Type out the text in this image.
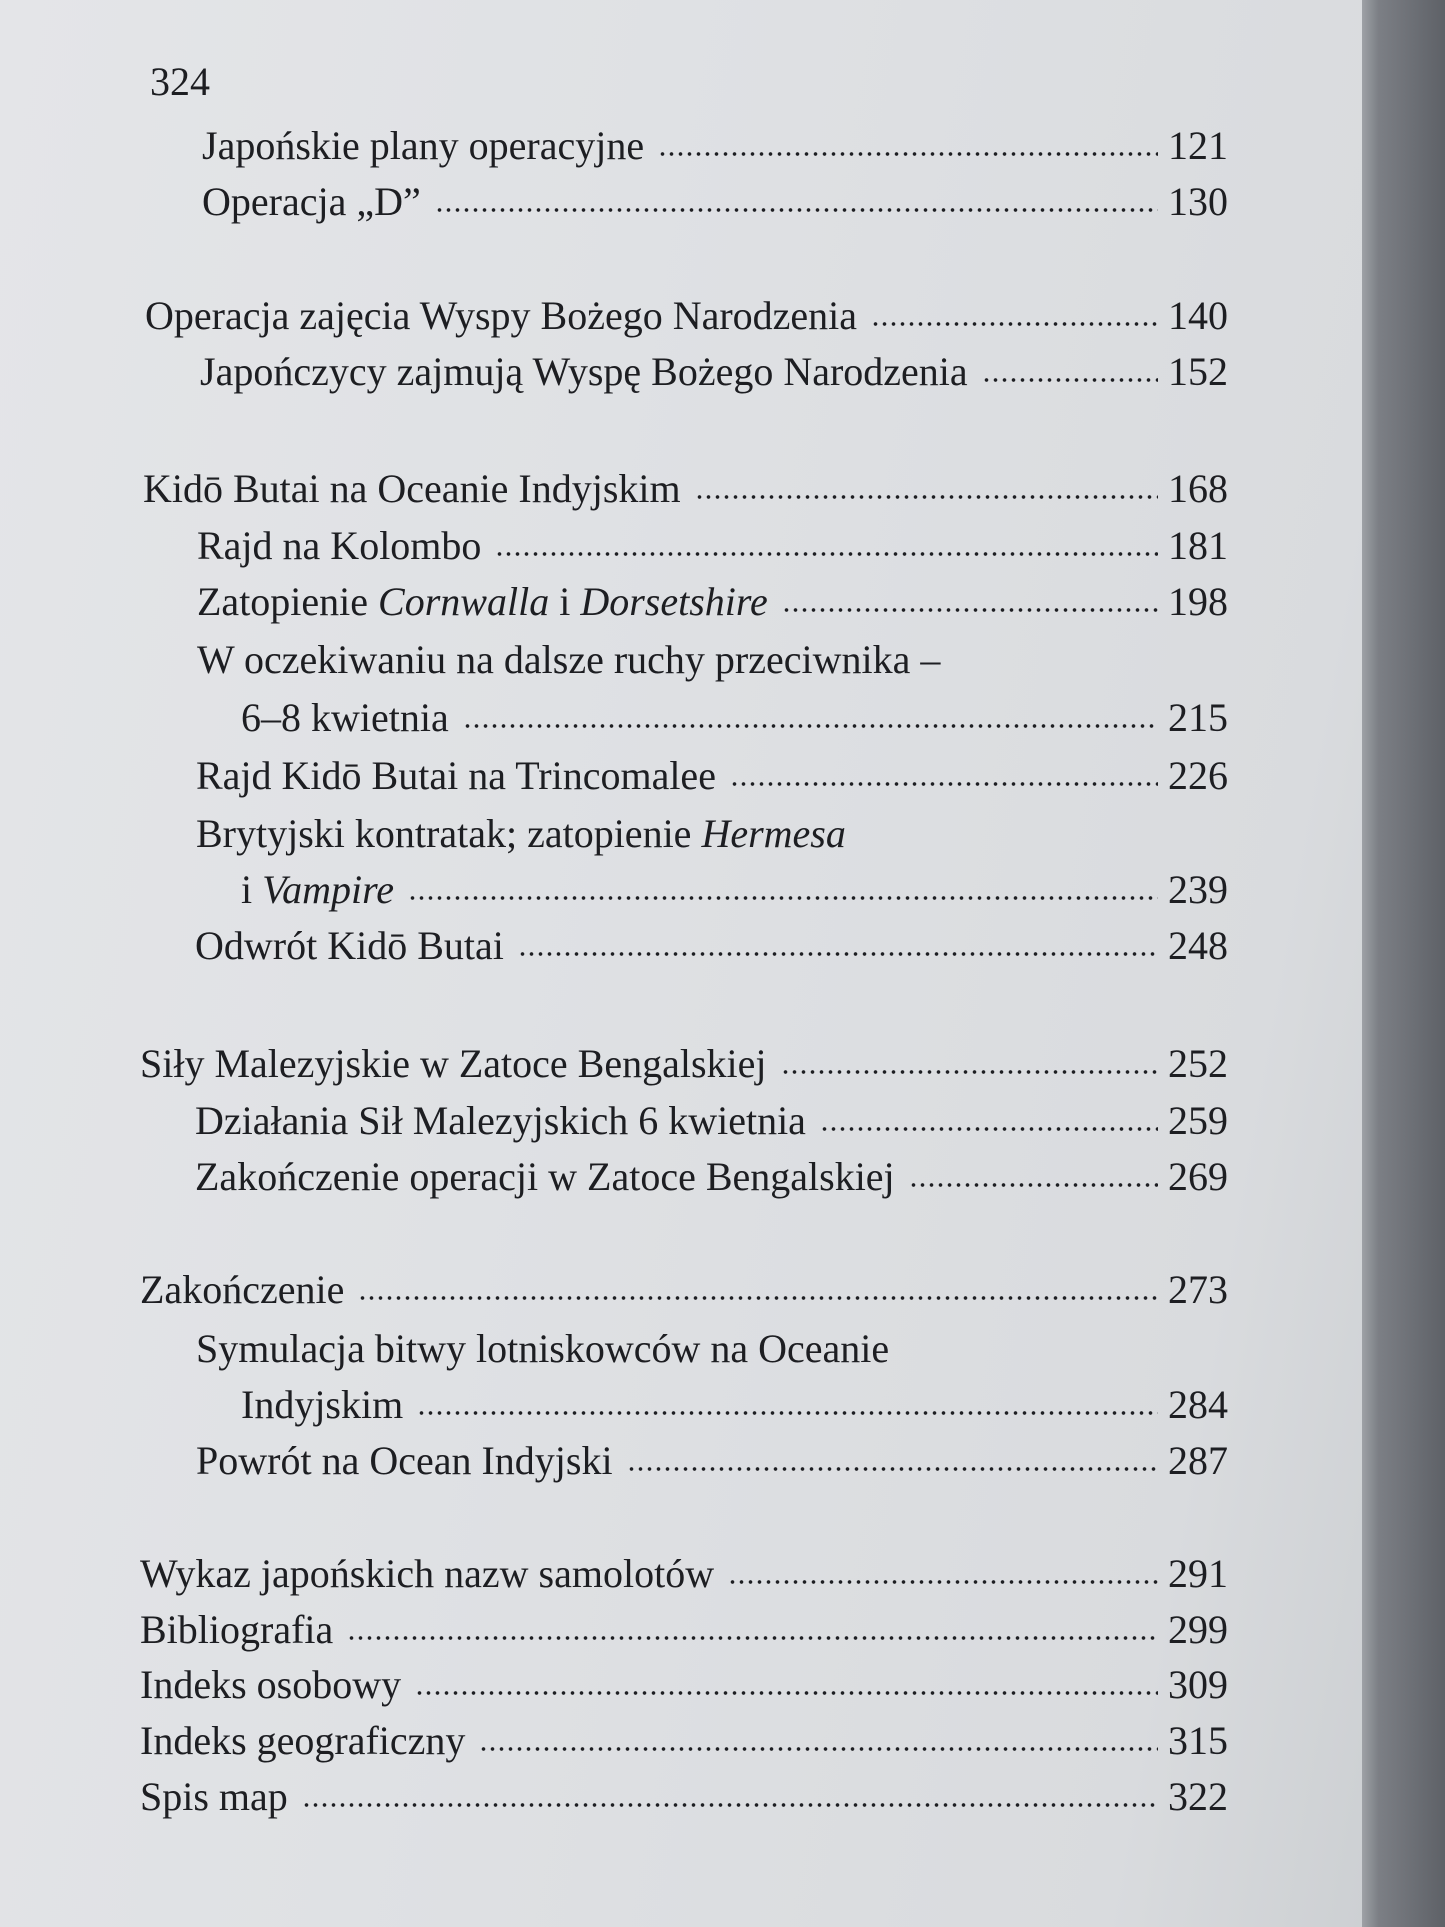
324
Japońskie plany operacyjne	121
Operacja „D”	130
Operacja zajęcia Wyspy Bożego Narodzenia	140
Japończycy zajmują Wyspę Bożego Narodzenia	152
Kidō Butai na Oceanie Indyjskim	168
Rajd na Kolombo	181
Zatopienie Cornwalla i Dorsetshire	198
W oczekiwaniu na dalsze ruchy przeciwnika –
6–8 kwietnia	215
Rajd Kidō Butai na Trincomalee	226
Brytyjski kontratak; zatopienie Hermesa
i Vampire	239
Odwrót Kidō Butai	248
Siły Malezyjskie w Zatoce Bengalskiej	252
Działania Sił Malezyjskich 6 kwietnia	259
Zakończenie operacji w Zatoce Bengalskiej	269
Zakończenie	273
Symulacja bitwy lotniskowców na Oceanie
Indyjskim	284
Powrót na Ocean Indyjski	287
Wykaz japońskich nazw samolotów	291
Bibliografia	299
Indeks osobowy	309
Indeks geograficzny	315
Spis map	322
